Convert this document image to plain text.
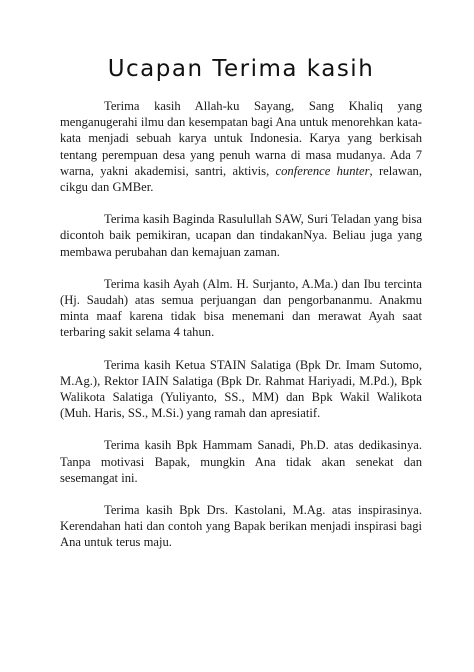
Ucapan Terima kasih

Terima kasih Allah-ku Sayang, Sang Khaliq yang menganugerahi ilmu dan kesempatan bagi Ana untuk menorehkan kata-kata menjadi sebuah karya untuk Indonesia. Karya yang berkisah tentang perempuan desa yang penuh warna di masa mudanya. Ada 7 warna, yakni akademisi, santri, aktivis, conference hunter, relawan, cikgu dan GMBer.

Terima kasih Baginda Rasulullah SAW, Suri Teladan yang bisa dicontoh baik pemikiran, ucapan dan tindakanNya. Beliau juga yang membawa perubahan dan kemajuan zaman.

Terima kasih Ayah (Alm. H. Surjanto, A.Ma.) dan Ibu tercinta (Hj. Saudah) atas semua perjuangan dan pengorbananmu. Anakmu minta maaf karena tidak bisa menemani dan merawat Ayah saat terbaring sakit selama 4 tahun.

Terima kasih Ketua STAIN Salatiga (Bpk Dr. Imam Sutomo, M.Ag.), Rektor IAIN Salatiga (Bpk Dr. Rahmat Hariyadi, M.Pd.), Bpk Walikota Salatiga (Yuliyanto, SS., MM) dan Bpk Wakil Walikota (Muh. Haris, SS., M.Si.) yang ramah dan apresiatif.

Terima kasih Bpk Hammam Sanadi, Ph.D. atas dedikasinya. Tanpa motivasi Bapak, mungkin Ana tidak akan senekat dan sesemangat ini.

Terima kasih Bpk Drs. Kastolani, M.Ag. atas inspirasinya. Kerendahan hati dan contoh yang Bapak berikan menjadi inspirasi bagi Ana untuk terus maju.
